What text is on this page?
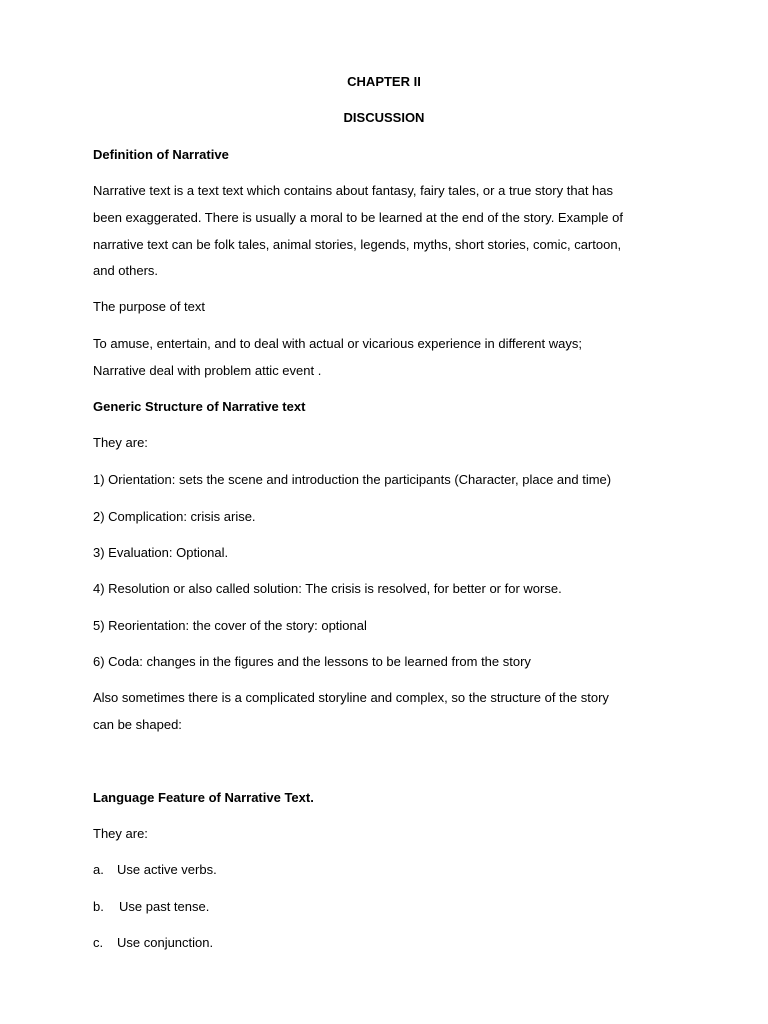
CHAPTER II
DISCUSSION
Definition of Narrative
Narrative text is a text text which contains about fantasy, fairy tales, or a true story that has
been exaggerated. There is usually a moral to be learned at the end of the story. Example of
narrative text can be folk tales, animal stories, legends, myths, short stories, comic, cartoon,
and others.
The purpose of text
To amuse, entertain, and to deal with actual or vicarious experience in different ways;
Narrative deal with problem attic event .
Generic Structure of Narrative text
They are:
1) Orientation: sets the scene and introduction the participants (Character, place and time)
2) Complication: crisis arise.
3) Evaluation: Optional.
4) Resolution or also called solution: The crisis is resolved, for better or for worse.
5) Reorientation: the cover of the story: optional
6) Coda: changes in the figures and the lessons to be learned from the story
Also sometimes there is a complicated storyline and complex, so the structure of the story
can be shaped:
Language Feature of Narrative Text.
They are:
a. Use active verbs.
b. Use past tense.
c. Use conjunction.
